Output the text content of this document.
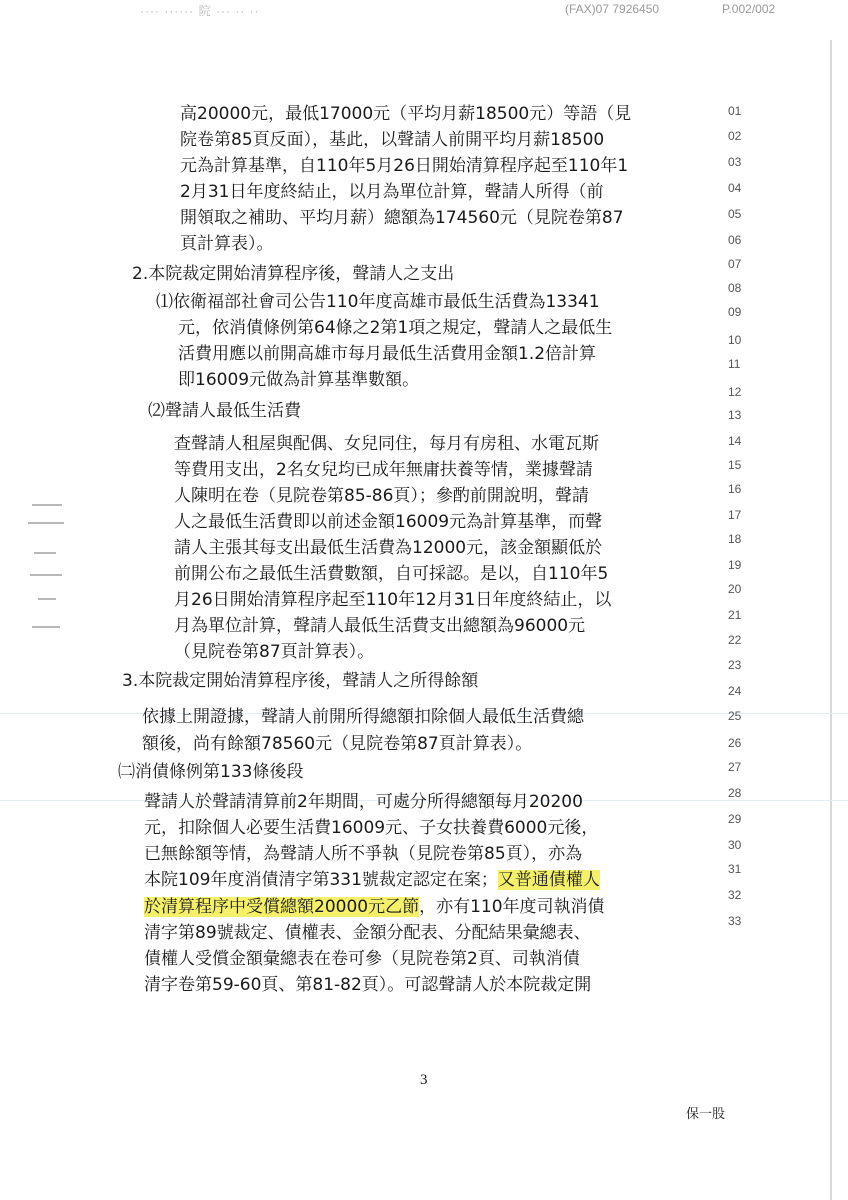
···· ······ 院 ··· ·· ··	(FAX)07 7926450	P.002/002
高20000元，最低17000元（平均月薪18500元）等語（見	01
院卷第85頁反面），基此，以聲請人前開平均月薪18500	02
元為計算基準，自110年5月26日開始清算程序起至110年1	03
2月31日年度終結止，以月為單位計算，聲請人所得（前	04
開領取之補助、平均月薪）總額為174560元（見院卷第87	05
頁計算表）。	06
2.本院裁定開始清算程序後，聲請人之支出	07
⑴依衛福部社會司公告110年度高雄市最低生活費為13341
08
元，依消債條例第64條之2第1項之規定，聲請人之最低生
09
活費用應以前開高雄市每月最低生活費用金額1.2倍計算
10
即16009元做為計算基準數額。
11
⑵聲請人最低生活費
12
查聲請人租屋與配偶、女兒同住，每月有房租、水電瓦斯
13
等費用支出，2名女兒均已成年無庸扶養等情，業據聲請
14
人陳明在卷（見院卷第85-86頁）；參酌前開說明，聲請
15
人之最低生活費即以前述金額16009元為計算基準，而聲
16
請人主張其每支出最低生活費為12000元，該金額顯低於
17
前開公布之最低生活費數額，自可採認。是以，自110年5
18
月26日開始清算程序起至110年12月31日年度終結止，以
19
月為單位計算，聲請人最低生活費支出總額為96000元
20
（見院卷第87頁計算表）。
21
3.本院裁定開始清算程序後，聲請人之所得餘額
22
依據上開證據，聲請人前開所得總額扣除個人最低生活費總
23
額後，尚有餘額78560元（見院卷第87頁計算表）。
24
㈡消債條例第133條後段
25
聲請人於聲請清算前2年期間，可處分所得總額每月20200
26
元，扣除個人必要生活費16009元、子女扶養費6000元後，
27
已無餘額等情，為聲請人所不爭執（見院卷第85頁），亦為
28
本院109年度消債清字第331號裁定認定在案；又普通債權人
29
於清算程序中受償總額20000元乙節，亦有110年度司執消債
30
清字第89號裁定、債權表、金額分配表、分配結果彙總表、
31
債權人受償金額彙總表在卷可參（見院卷第2頁、司執消債
32
清字卷第59-60頁、第81-82頁）。可認聲請人於本院裁定開
33
3
保一股
